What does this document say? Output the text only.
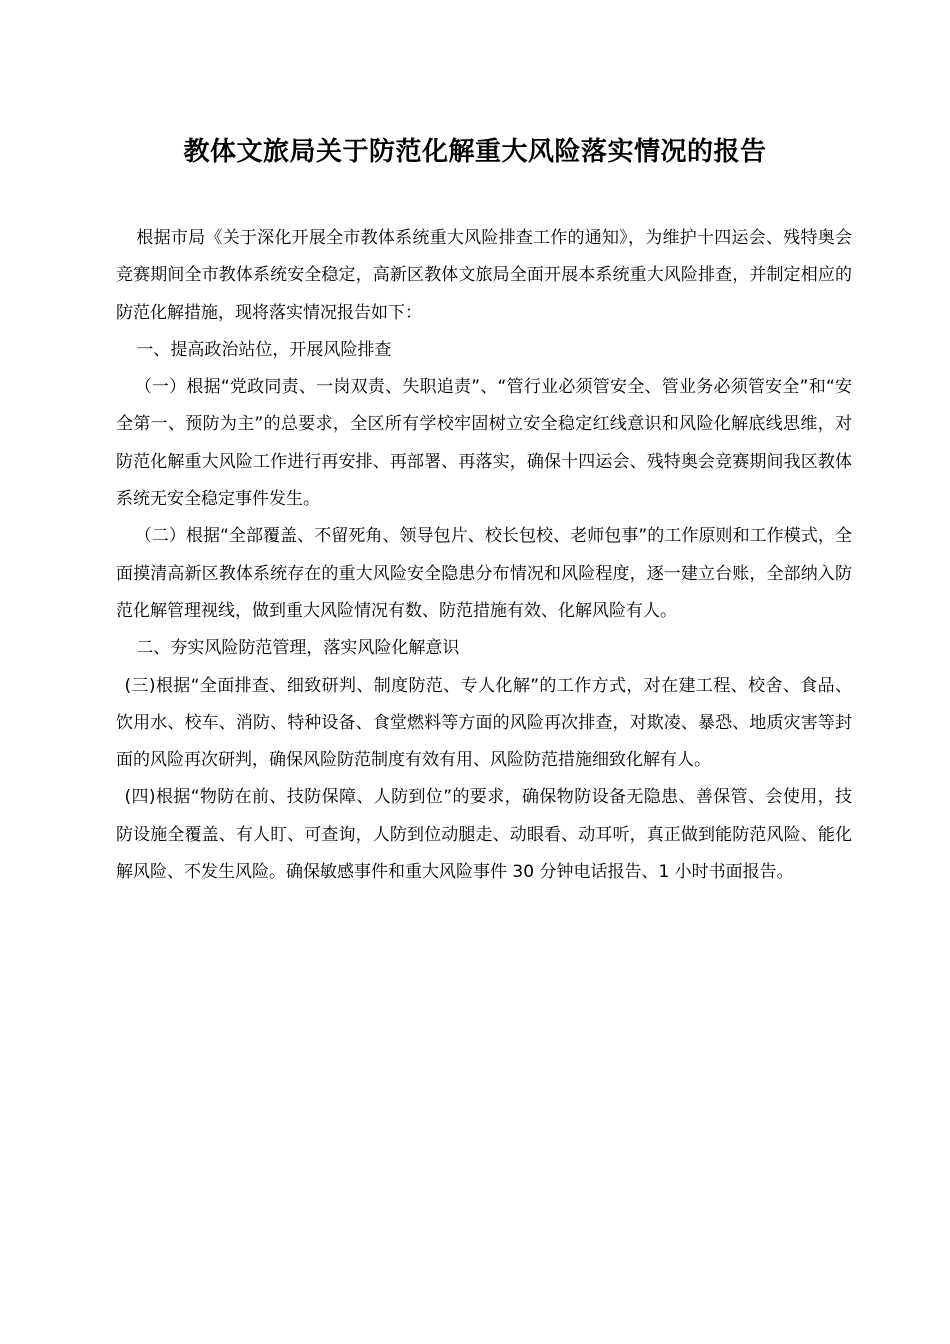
教体文旅局关于防范化解重大风险落实情况的报告

根据市局《关于深化开展全市教体系统重大风险排查工作的通知》，为维护十四运会、残特奥会竞赛期间全市教体系统安全稳定，高新区教体文旅局全面开展本系统重大风险排查，并制定相应的防范化解措施，现将落实情况报告如下：

一、提高政治站位，开展风险排查

（一）根据“党政同责、一岗双责、失职追责”、“管行业必须管安全、管业务必须管安全”和“安全第一、预防为主”的总要求，全区所有学校牢固树立安全稳定红线意识和风险化解底线思维，对防范化解重大风险工作进行再安排、再部署、再落实，确保十四运会、残特奥会竞赛期间我区教体系统无安全稳定事件发生。

（二）根据“全部覆盖、不留死角、领导包片、校长包校、老师包事”的工作原则和工作模式，全面摸清高新区教体系统存在的重大风险安全隐患分布情况和风险程度，逐一建立台账，全部纳入防范化解管理视线，做到重大风险情况有数、防范措施有效、化解风险有人。

二、夯实风险防范管理，落实风险化解意识

(三)根据“全面排查、细致研判、制度防范、专人化解”的工作方式，对在建工程、校舍、食品、饮用水、校车、消防、特种设备、食堂燃料等方面的风险再次排查，对欺凌、暴恐、地质灾害等封面的风险再次研判，确保风险防范制度有效有用、风险防范措施细致化解有人。

(四)根据“物防在前、技防保障、人防到位”的要求，确保物防设备无隐患、善保管、会使用，技防设施全覆盖、有人盯、可查询，人防到位动腿走、动眼看、动耳听，真正做到能防范风险、能化解风险、不发生风险。确保敏感事件和重大风险事件 30 分钟电话报告、1 小时书面报告。
